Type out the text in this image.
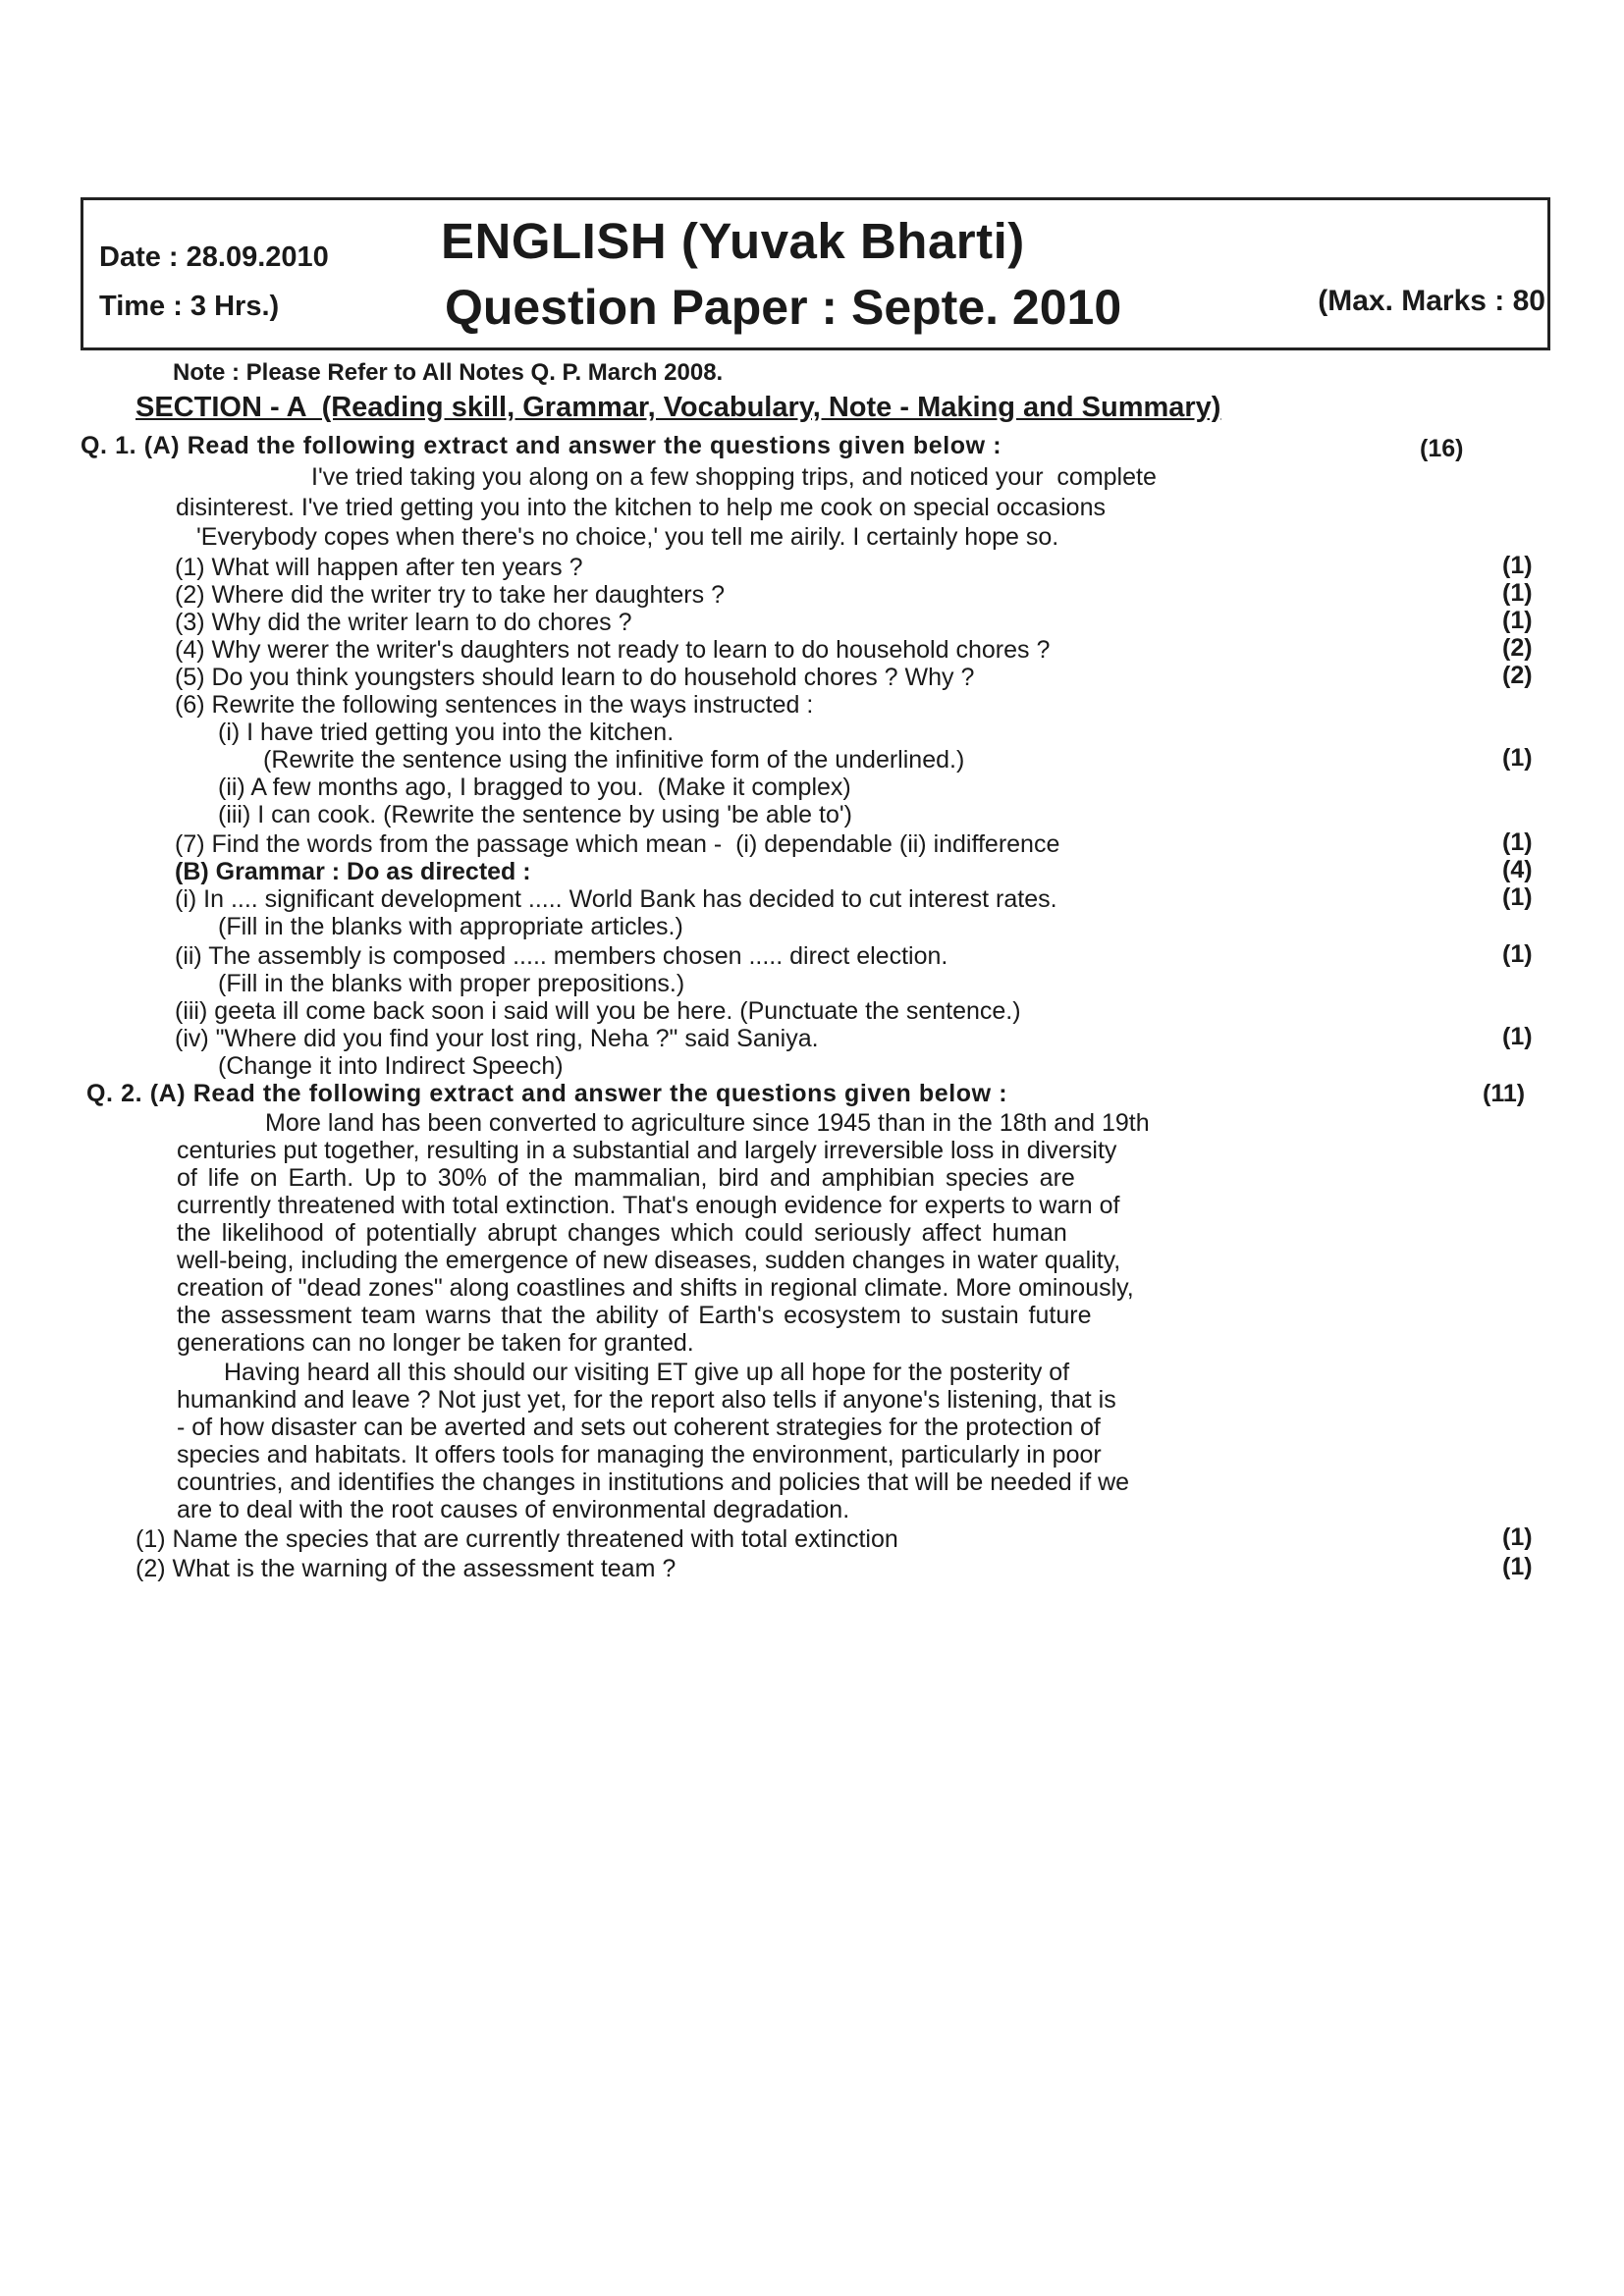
Date : 28.09.2010
Time : 3 Hrs.)
ENGLISH (Yuvak Bharti)
Question Paper : Septe. 2010	(Max. Marks : 80
Note : Please Refer to All Notes Q. P. March 2008.
SECTION - A  (Reading skill, Grammar, Vocabulary, Note - Making and Summary)
Q. 1. (A) Read the following extract and answer the questions given below :	(16)
I've tried taking you along on a few shopping trips, and noticed your  complete
disinterest. I've tried getting you into the kitchen to help me cook on special occasions
'Everybody copes when there's no choice,' you tell me airily. I certainly hope so.
(1) What will happen after ten years ?	(1)
(2) Where did the writer try to take her daughters ?	(1)
(3) Why did the writer learn to do chores ?	(1)
(4) Why werer the writer's daughters not ready to learn to do household chores ?	(2)
(5) Do you think youngsters should learn to do household chores ? Why ?	(2)
(6) Rewrite the following sentences in the ways instructed :
(i) I have tried getting you into the kitchen.
(Rewrite the sentence using the infinitive form of the underlined.)	(1)
(ii) A few months ago, I bragged to you.  (Make it complex)
(iii) I can cook. (Rewrite the sentence by using 'be able to')
(7) Find the words from the passage which mean -  (i) dependable (ii) indifference	(1)
(B) Grammar : Do as directed :	(4)
(i) In .... significant development ..... World Bank has decided to cut interest rates.	(1)
(Fill in the blanks with appropriate articles.)
(ii) The assembly is composed ..... members chosen ..... direct election.	(1)
(Fill in the blanks with proper prepositions.)
(iii) geeta ill come back soon i said will you be here. (Punctuate the sentence.)
(iv) "Where did you find your lost ring, Neha ?" said Saniya.	(1)
(Change it into Indirect Speech)
Q. 2. (A) Read the following extract and answer the questions given below :	(11)
More land has been converted to agriculture since 1945 than in the 18th and 19th
centuries put together, resulting in a substantial and largely irreversible loss in diversity
of life on Earth. Up to 30% of the mammalian, bird and amphibian species are
currently threatened with total extinction. That's enough evidence for experts to warn of
the likelihood of potentially abrupt changes which could seriously affect human
well-being, including the emergence of new diseases, sudden changes in water quality,
creation of "dead zones" along coastlines and shifts in regional climate. More ominously,
the assessment team warns that the ability of Earth's ecosystem to sustain future
generations can no longer be taken for granted.
Having heard all this should our visiting ET give up all hope for the posterity of
humankind and leave ? Not just yet, for the report also tells if anyone's listening, that is
- of how disaster can be averted and sets out coherent strategies for the protection of
species and habitats. It offers tools for managing the environment, particularly in poor
countries, and identifies the changes in institutions and policies that will be needed if we
are to deal with the root causes of environmental degradation.
(1) Name the species that are currently threatened with total extinction	(1)
(2) What is the warning of the assessment team ?	(1)
